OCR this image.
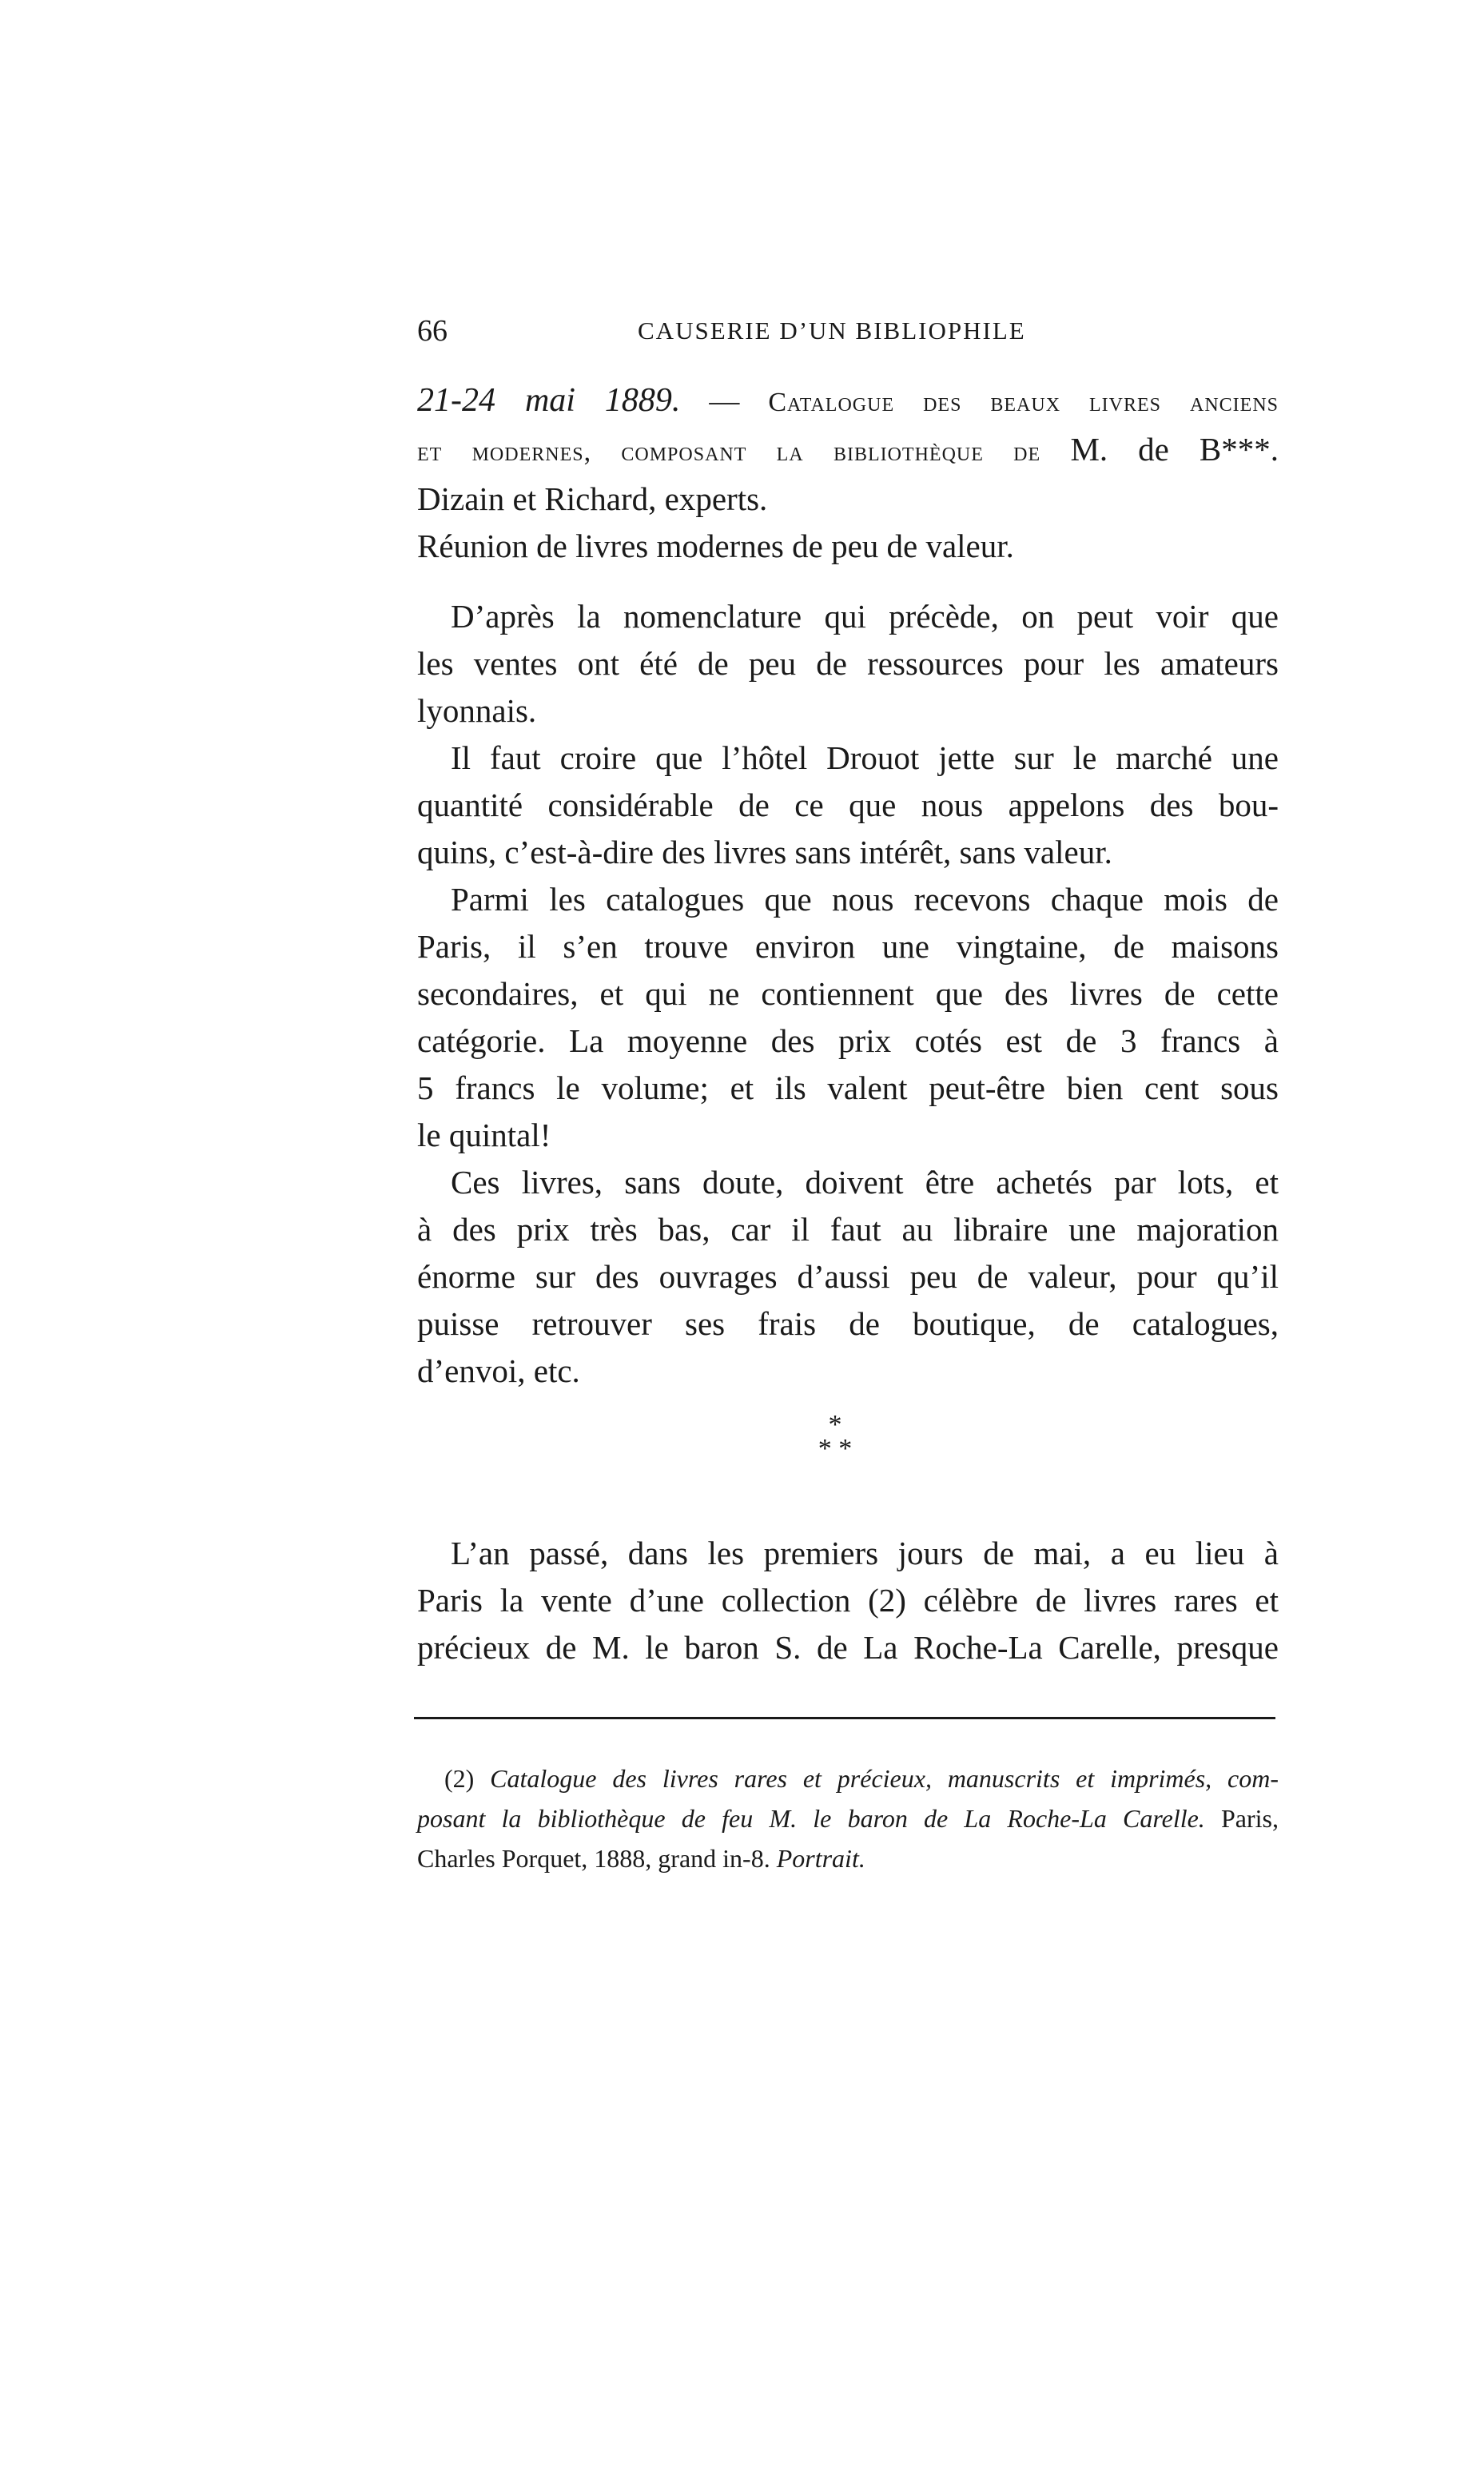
66	CAUSERIE D’UN BIBLIOPHILE
21-24 mai 1889. — Catalogue des beaux livres anciens
et modernes, composant la bibliothèque de M. de B***.
Dizain et Richard, experts.
Réunion de livres modernes de peu de valeur.

D’après la nomenclature qui précède, on peut voir que
les ventes ont été de peu de ressources pour les amateurs
lyonnais.

Il faut croire que l’hôtel Drouot jette sur le marché une
quantité considérable de ce que nous appelons des bou-
quins, c’est-à-dire des livres sans intérêt, sans valeur.

Parmi les catalogues que nous recevons chaque mois de
Paris, il s’en trouve environ une vingtaine, de maisons
secondaires, et qui ne contiennent que des livres de cette
catégorie. La moyenne des prix cotés est de 3 francs à
5 francs le volume; et ils valent peut-être bien cent sous
le quintal!

Ces livres, sans doute, doivent être achetés par lots, et
à des prix très bas, car il faut au libraire une majoration
énorme sur des ouvrages d’aussi peu de valeur, pour qu’il
puisse retrouver ses frais de boutique, de catalogues,
d’envoi, etc.

*
* *

L’an passé, dans les premiers jours de mai, a eu lieu à
Paris la vente d’une collection (2) célèbre de livres rares et
précieux de M. le baron S. de La Roche-La Carelle, presque

(2) Catalogue des livres rares et précieux, manuscrits et imprimés, com-
posant la bibliothèque de feu M. le baron de La Roche-La Carelle. Paris,
Charles Porquet, 1888, grand in-8. Portrait.
